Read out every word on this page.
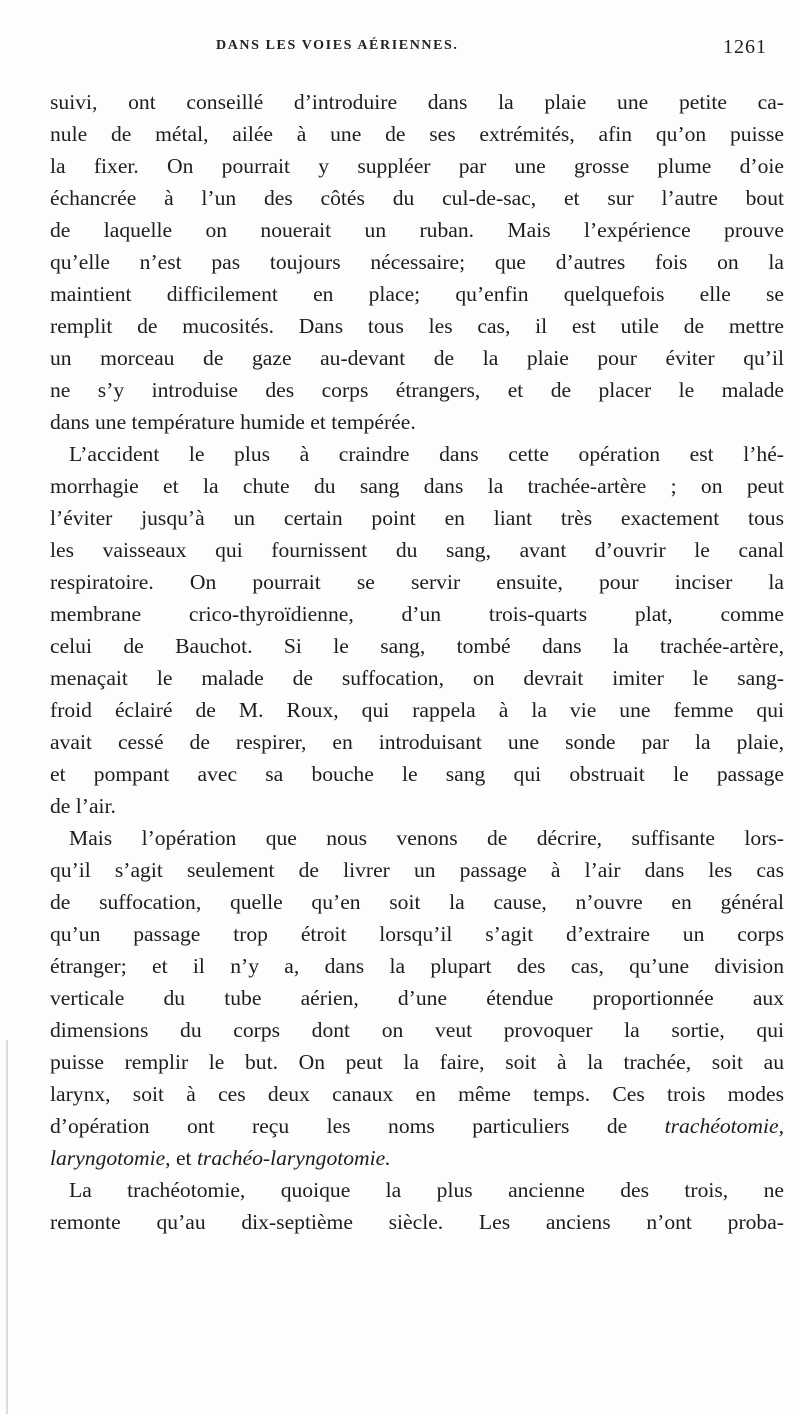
DANS LES VOIES AÉRIENNES.	1261
suivi, ont conseillé d’introduire dans la plaie une petite ca-
nule de métal, ailée à une de ses extrémités, afin qu’on puisse
la fixer. On pourrait y suppléer par une grosse plume d’oie
échancrée à l’un des côtés du cul-de-sac, et sur l’autre bout
de laquelle on nouerait un ruban. Mais l’expérience prouve
qu’elle n’est pas toujours nécessaire; que d’autres fois on la
maintient difficilement en place; qu’enfin quelquefois elle se
remplit de mucosités. Dans tous les cas, il est utile de mettre
un morceau de gaze au-devant de la plaie pour éviter qu’il
ne s’y introduise des corps étrangers, et de placer le malade
dans une température humide et tempérée.
L’accident le plus à craindre dans cette opération est l’hé-
morrhagie et la chute du sang dans la trachée-artère ; on peut
l’éviter jusqu’à un certain point en liant très exactement tous
les vaisseaux qui fournissent du sang, avant d’ouvrir le canal
respiratoire. On pourrait se servir ensuite, pour inciser la
membrane crico-thyroïdienne, d’un trois-quarts plat, comme
celui de Bauchot. Si le sang, tombé dans la trachée-artère,
menaçait le malade de suffocation, on devrait imiter le sang-
froid éclairé de M. Roux, qui rappela à la vie une femme qui
avait cessé de respirer, en introduisant une sonde par la plaie,
et pompant avec sa bouche le sang qui obstruait le passage
de l’air.
Mais l’opération que nous venons de décrire, suffisante lors-
qu’il s’agit seulement de livrer un passage à l’air dans les cas
de suffocation, quelle qu’en soit la cause, n’ouvre en général
qu’un passage trop étroit lorsqu’il s’agit d’extraire un corps
étranger; et il n’y a, dans la plupart des cas, qu’une division
verticale du tube aérien, d’une étendue proportionnée aux
dimensions du corps dont on veut provoquer la sortie, qui
puisse remplir le but. On peut la faire, soit à la trachée, soit au
larynx, soit à ces deux canaux en même temps. Ces trois modes
d’opération ont reçu les noms particuliers de trachéotomie,
laryngotomie, et trachéo-laryngotomie.
La trachéotomie, quoique la plus ancienne des trois, ne
remonte qu’au dix-septième siècle. Les anciens n’ont proba-
